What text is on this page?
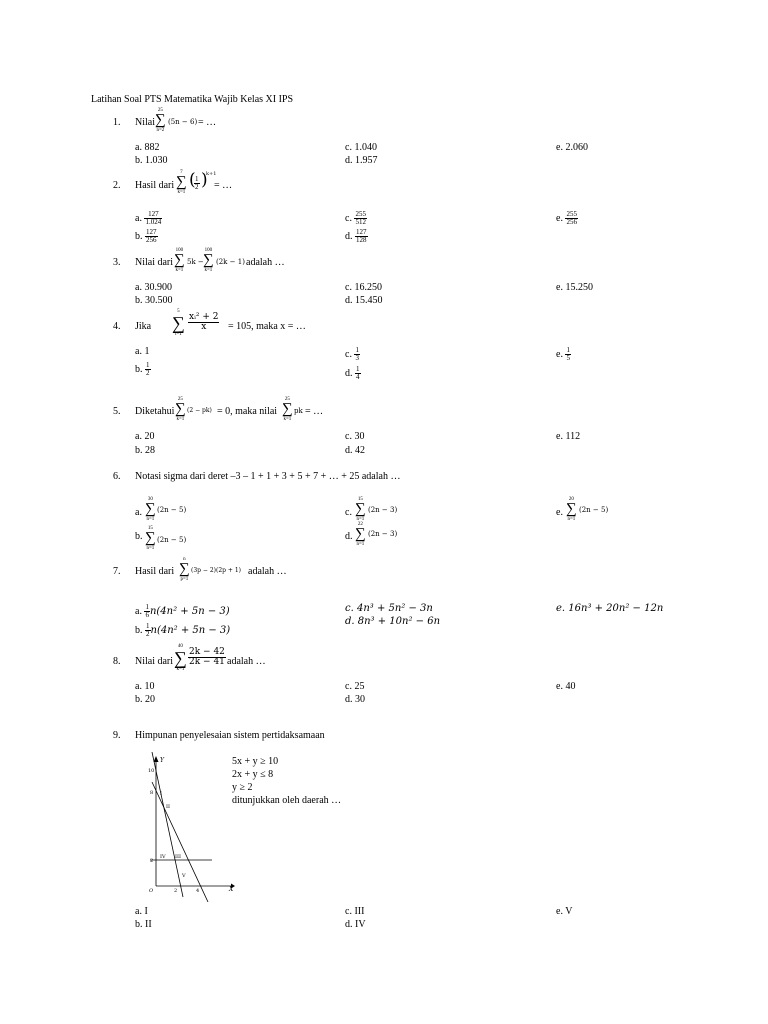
Latihan Soal PTS Matematika Wajib Kelas XI IPS
1. Nilai
25
∑
n=2
(5n − 6) = …
a. 882
b. 1.030
c. 1.040
d. 1.957
e. 2.060
2. Hasil dari
7
∑
k=1
(
$\frac{1}{2}$ )
k+1
= …
a. $\frac{127}{1.024}$
b. $\frac{127}{256}$
c. $\frac{255}{512}$
d. $\frac{127}{128}$
e. $\frac{255}{256}$
3. Nilai dari
100
∑
k=1
5k −
100
∑
k=1
(2k − 1) adalah …
a. 30.900
b. 30.500
c. 16.250
d. 15.450
e. 15.250
4. Jika
5
∑
i=1
$\frac{\text{xᵢ² + 2}}{x} = 105$, maka x = …
a. 1
b. $\frac{1}{2}$
c. $\frac{1}{3}$
d. $\frac{1}{4}$
e. $\frac{1}{5}$
5. Diketahui
25
∑
k=1
(2 − pk) = 0, maka nilai
25
∑
k=1
pk = …
a. 20
b. 28
c. 30
d. 42
e. 112
6. Notasi sigma dari deret –3 – 1 + 1 + 3 + 5 + 7 + … + 25 adalah …
a.
30
∑
n=1
(2n − 5)
b.
15
∑
n=1
(2n − 5)
c.
15
∑
n=1
(2n − 3)
d.
22
∑
n=1
(2n − 3)
e.
20
∑
n=1
(2n − 5)
7. Hasil dari
n
∑
p=1
(3p − 2)(2p + 1) adalah …
a. $\frac{1}{6} n(4n^2 + 5n - 3)$
b. $\frac{1}{2} n(4n^2 + 5n - 3)$
c. 4n³ + 5n² − 3n
d. 8n³ + 10n² − 6n
e. 16n³ + 20n² − 12n
8. Nilai dari
40
∑
k=1
$\frac{2k - 42}{2k - 41}$ adalah …
a. 10
b. 20
c. 25
d. 30
e. 40
9. Himpunan penyelesaian sistem pertidaksamaan
5x + y ≥ 10
2x + y ≤ 8
y ≥ 2
ditunjukkan oleh daerah …
Y
X
O
10
8
2
2	4
I
II
IV III
V
a. I
b. II
c. III
d. IV
e. V
